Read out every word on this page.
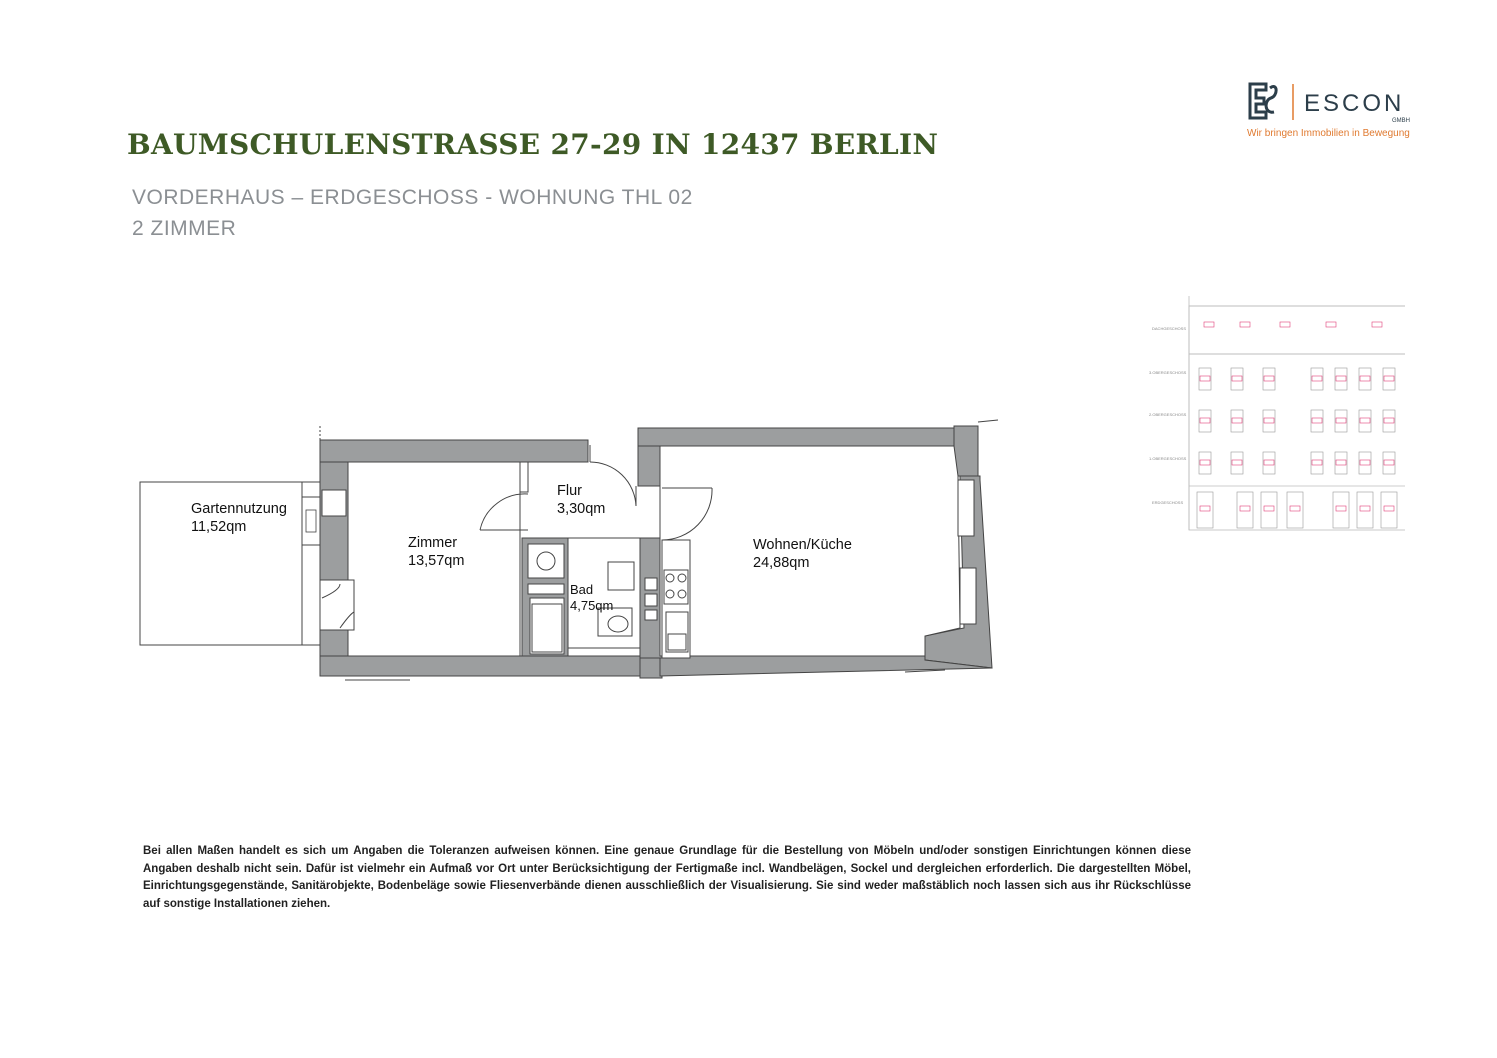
BAUMSCHULENSTRASSE 27-29 IN 12437 BERLIN
VORDERHAUS – ERDGESCHOSS - WOHNUNG THL 02
2 ZIMMER
ESCON
GMBH
Wir bringen Immobilien in Bewegung
Gartennutzung
11,52qm
Zimmer
13,57qm
Flur
3,30qm
Bad
4,75qm
Wohnen/Küche
24,88qm
DACHGESCHOSS
3.OBERGESCHOSS
2.OBERGESCHOSS
1.OBERGESCHOSS
ERDGESCHOSS
Bei allen Maßen handelt es sich um Angaben die Toleranzen aufweisen können. Eine genaue Grundlage für die Bestellung von Möbeln und/oder sonstigen Einrichtungen können diese Angaben deshalb nicht sein. Dafür ist vielmehr ein Aufmaß vor Ort unter Berücksichtigung der Fertigmaße incl. Wandbelägen, Sockel und dergleichen erforderlich. Die dargestellten Möbel, Einrichtungsgegenstände, Sanitärobjekte, Bodenbeläge sowie Fliesenverbände dienen ausschließlich der Visualisierung. Sie sind weder maßstäblich noch lassen sich aus ihr Rückschlüsse auf sonstige Installationen ziehen.
